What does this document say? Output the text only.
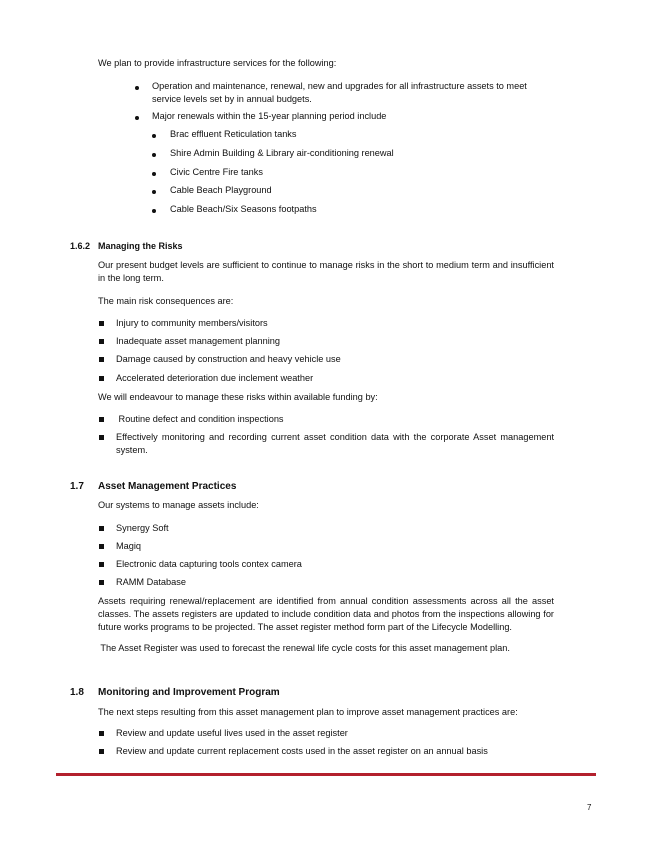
We plan to provide infrastructure services for the following:

Operation and maintenance, renewal, new and upgrades for all infrastructure assets to meet service levels set by in annual budgets.

Major renewals within the 15-year planning period include

Brac effluent Reticulation tanks

Shire Admin Building & Library air-conditioning renewal

Civic Centre Fire tanks

Cable Beach Playground

Cable Beach/Six Seasons footpaths

1.6.2 Managing the Risks

Our present budget levels are sufficient to continue to manage risks in the short to medium term and insufficient in the long term.

The main risk consequences are:

Injury to community members/visitors

Inadequate asset management planning

Damage caused by construction and heavy vehicle use

Accelerated deterioration due inclement weather

We will endeavour to manage these risks within available funding by:

Routine defect and condition inspections

Effectively monitoring and recording current asset condition data with the corporate Asset management system.

1.7 Asset Management Practices

Our systems to manage assets include:

Synergy Soft

Magiq

Electronic data capturing tools contex camera

RAMM Database

Assets requiring renewal/replacement are identified from annual condition assessments across all the asset classes. The assets registers are updated to include condition data and photos from the inspections allowing for future works programs to be projected. The asset register method form part of the Lifecycle Modelling.

The Asset Register was used to forecast the renewal life cycle costs for this asset management plan.

1.8 Monitoring and Improvement Program

The next steps resulting from this asset management plan to improve asset management practices are:

Review and update useful lives used in the asset register

Review and update current replacement costs used in the asset register on an annual basis

7
